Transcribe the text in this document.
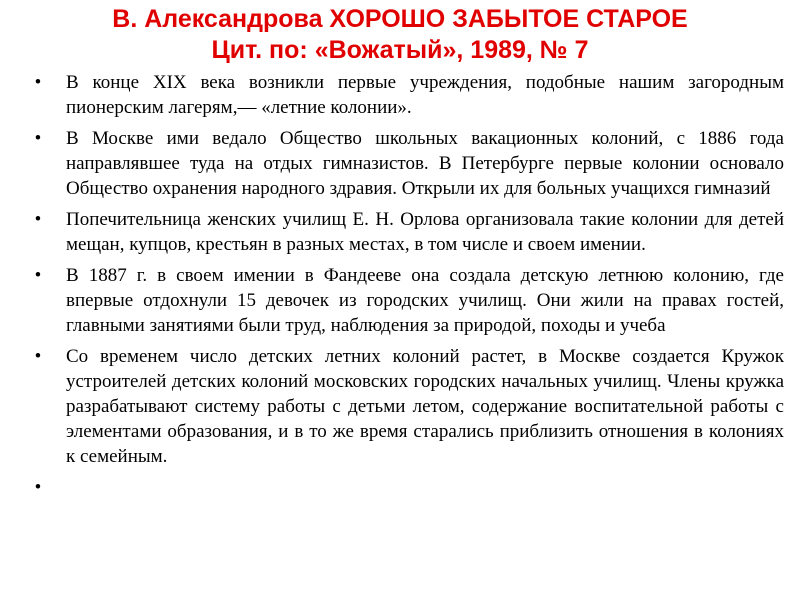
В. Александрова ХОРОШО ЗАБЫТОЕ СТАРОЕ
Цит. по: «Вожатый», 1989, № 7
• В конце XIX века возникли первые учреждения, подобные нашим загородным пионерским лагерям,— «летние колонии».
• В Москве ими ведало Общество школьных вакационных колоний, с 1886 года направлявшее туда на отдых гимназистов. В Петербурге первые колонии основало Общество охранения народного здравия. Открыли их для больных учащихся гимназий
• Попечительница женских училищ Е. Н. Орлова организовала такие колонии для детей мещан, купцов, крестьян в разных местах, в том числе и своем имении.
• В 1887 г. в своем имении в Фандееве она создала детскую летнюю колонию, где впервые отдохнули 15 девочек из городских училищ. Они жили на правах гостей, главными занятиями были труд, наблюдения за природой, походы и учеба
• Со временем число детских летних колоний растет, в Москве создается Кружок устроителей детских колоний московских городских начальных училищ. Члены кружка разрабатывают систему работы с детьми летом, содержание воспитательной работы с элементами образования, и в то же время старались приблизить отношения в колониях к семейным.
•
